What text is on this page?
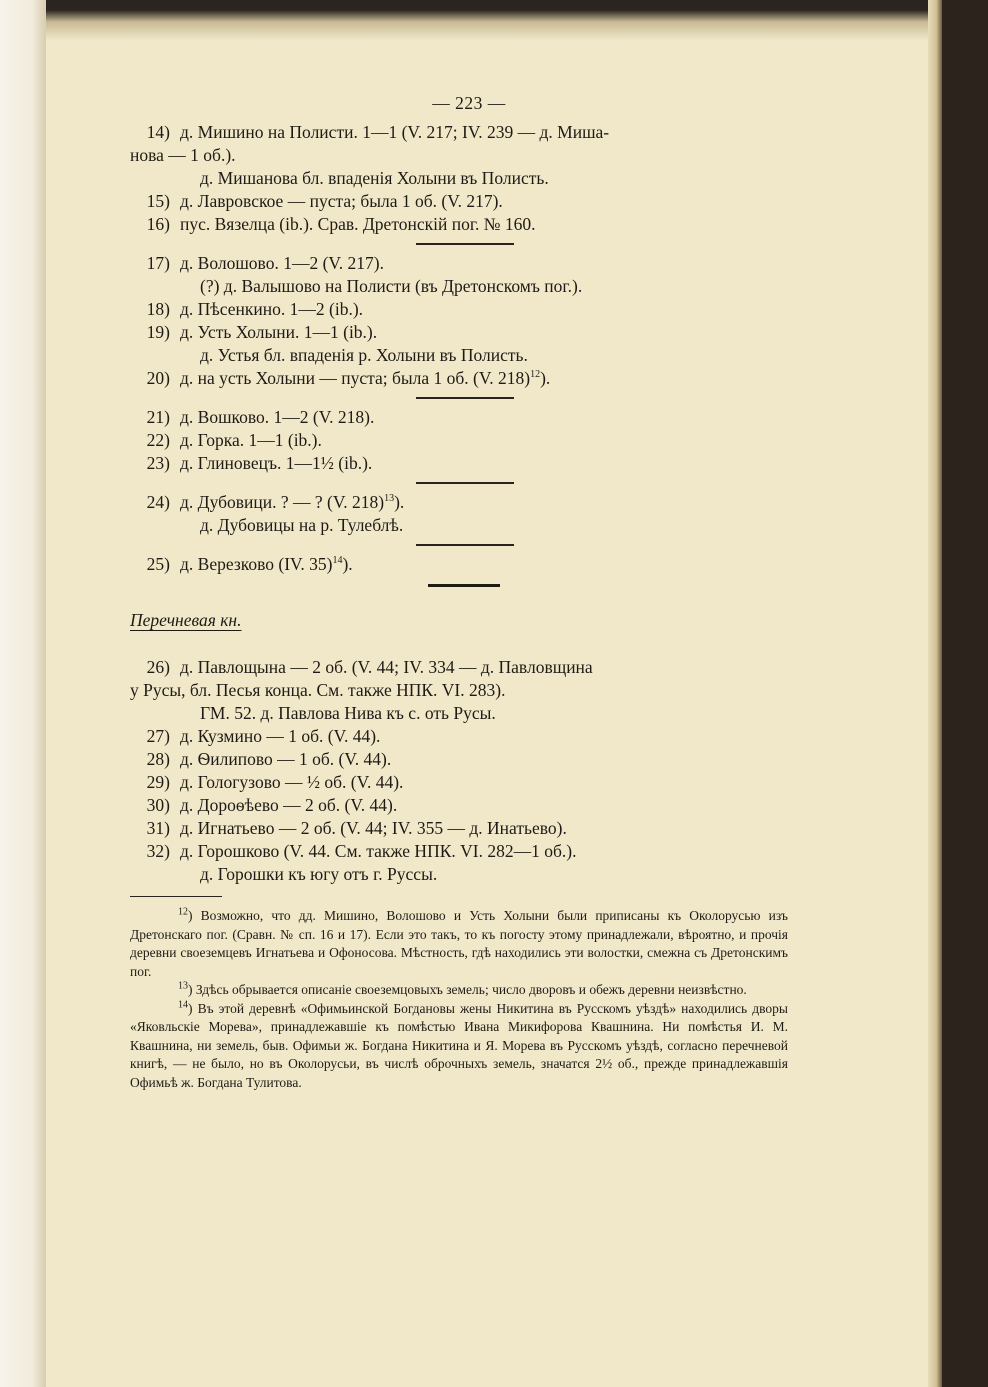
— 223 —
14) д. Мишино на Полисти. 1—1 (V. 217; IV. 239 — д. Миша-
нова — 1 об.).
д. Мишанова бл. впаденія Холыни въ Полисть.
15) д. Лавровское — пуста; была 1 об. (V. 217).
16) пус. Вязелца (ib.). Срав. Дретонскій пог. № 160.
17) д. Волошово. 1—2 (V. 217).
(?) д. Валышово на Полисти (въ Дретонскомъ пог.).
18) д. Пѣсенкино. 1—2 (ib.).
19) д. Усть Холыни. 1—1 (ib.).
д. Устья бл. впаденія р. Холыни въ Полисть.
20) д. на усть Холыни — пуста; была 1 об. (V. 218)$^{12}$).
21) д. Вошково. 1—2 (V. 218).
22) д. Горка. 1—1 (ib.).
23) д. Глиновецъ. 1—1½ (ib.).
24) д. Дубовици. ? — ? (V. 218)$^{13}$).
д. Дубовицы на р. Тулеблѣ.
25) д. Верезково (IV. 35)$^{14}$).
Перечневая кн.
26) д. Павлощына — 2 об. (V. 44; IV. 334 — д. Павловщина
у Русы, бл. Песья конца. См. также НПК. VI. 283).
ГМ. 52. д. Павлова Нива къ с. оть Русы.
27) д. Кузмино — 1 об. (V. 44).
28) д. Ѳилипово — 1 об. (V. 44).
29) д. Гологузово — ½ об. (V. 44).
30) д. Дороѳѣево — 2 об. (V. 44).
31) д. Игнатьево — 2 об. (V. 44; IV. 355 — д. Инатьево).
32) д. Горошково (V. 44. См. также НПК. VI. 282—1 об.).
д. Горошки къ югу отъ г. Руссы.

$^{12}$) Возможно, что дд. Мишино, Волошово и Усть Холыни были приписаны къ Околорусью изъ Дретонскаго пог. (Сравн. № сп. 16 и 17). Если это такъ, то къ погосту этому принадлежали, вѣроятно, и прочія деревни своеземцевъ Игнатьева и Офоносова. Мѣстность, гдѣ находились эти волостки, смежна съ Дретонскимъ пог.

$^{13}$) Здѣсь обрывается описаніе своеземцовыхъ земель; число дворовъ и обежъ деревни неизвѣстно.

$^{14}$) Въ этой деревнѣ «Офимьинской Богдановы жены Никитина въ Русскомъ уѣздѣ» находились дворы «Яковльскіе Морева», принадлежавшіе къ помѣстью Ивана Микифорова Квашнина. Ни помѣстья И. М. Квашнина, ни земель, быв. Офимьи ж. Богдана Никитина и Я. Морева въ Русскомъ уѣздѣ, согласно перечневой книгѣ, — не было, но въ Околорусьи, въ числѣ оброчныхъ земель, значатся 2½ об., прежде принадлежавшія Офимьѣ ж. Богдана Тулитова.
